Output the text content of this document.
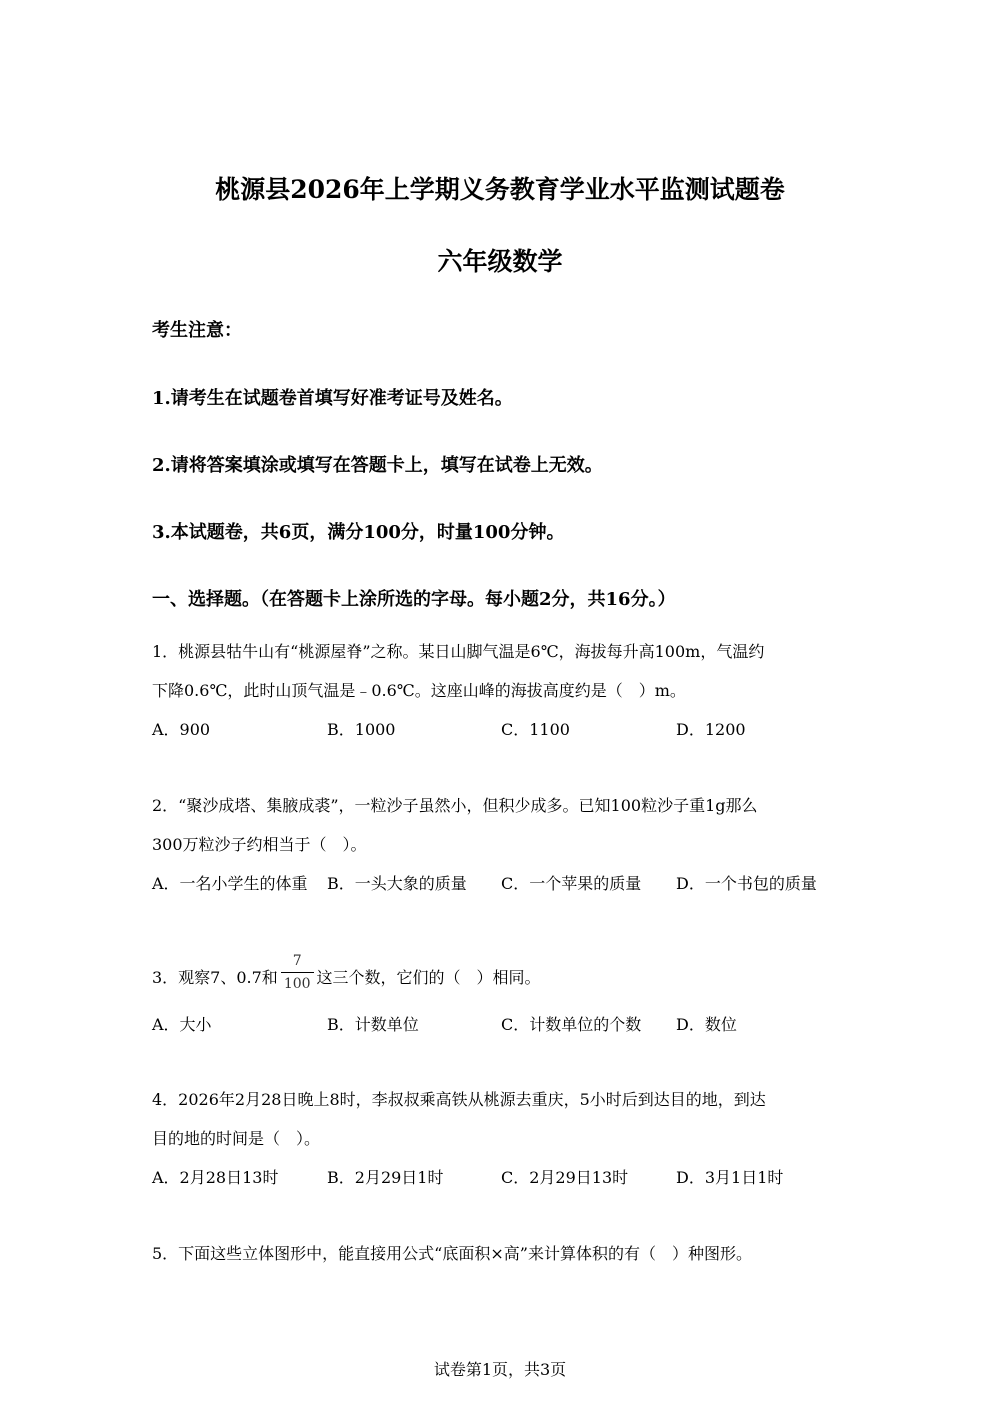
桃源县2026年上学期义务教育学业水平监测试题卷
六年级数学
考生注意：
1.请考生在试题卷首填写好准考证号及姓名。
2.请将答案填涂或填写在答题卡上，填写在试卷上无效。
3.本试题卷，共6页，满分100分，时量100分钟。
一、选择题。（在答题卡上涂所选的字母。每小题2分，共16分。）
1．桃源县牯牛山有“桃源屋脊”之称。某日山脚气温是6℃，海拔每升高100m，气温约
下降0.6℃，此时山顶气温是﹣0.6℃。这座山峰的海拔高度约是（　）m。
A．900	B．1000	C．1100	D．1200
2．“聚沙成塔、集腋成裘”，一粒沙子虽然小，但积少成多。已知100粒沙子重1g那么
300万粒沙子约相当于（　）。
A．一名小学生的体重 B．一头大象的质量 C．一个苹果的质量 D．一个书包的质量
3．观察7、0.7和 $\frac{7}{100}$ 这三个数，它们的（　）相同。
A．大小	B．计数单位	C．计数单位的个数 D．数位
4．2026年2月28日晚上8时，李叔叔乘高铁从桃源去重庆，5小时后到达目的地，到达
目的地的时间是（　）。
A．2月28日13时	B．2月29日1时	C．2月29日13时	D．3月1日1时
5．下面这些立体图形中，能直接用公式“底面积×高”来计算体积的有（　）种图形。
试卷第1页，共3页
